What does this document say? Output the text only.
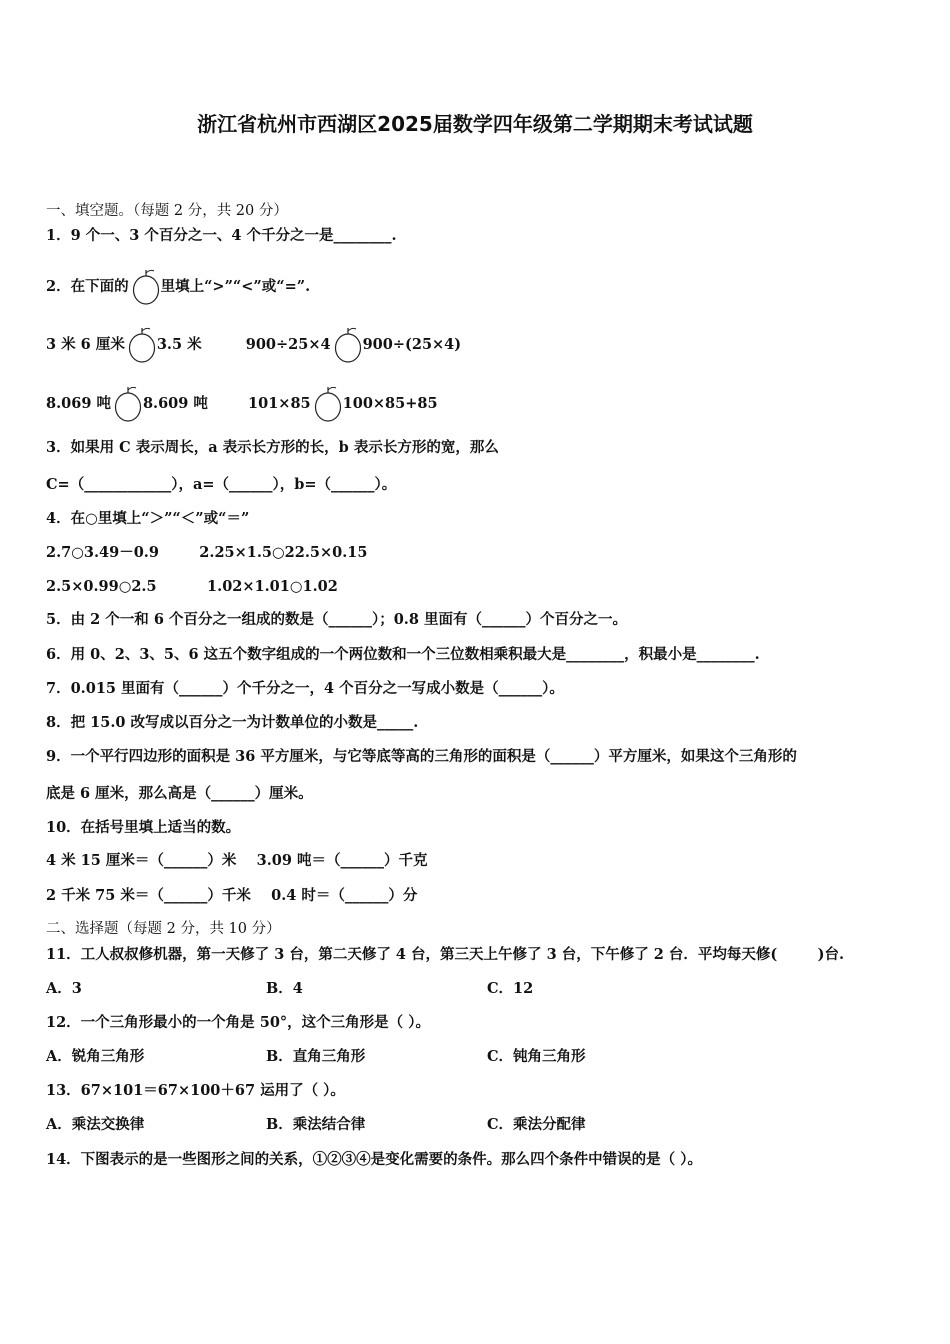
浙江省杭州市西湖区2025届数学四年级第二学期期末考试试题
一、填空题。（每题 2 分，共 20 分）
1．9 个一、3 个百分之一、4 个千分之一是________.
2．在下面的 里填上“>”“<”或“=”.
3 米 6 厘米 3.5 米	900÷25×4 900÷(25×4)
8.069 吨 8.609 吨	101×85 100×85+85
3．如果用 C 表示周长，a 表示长方形的长，b 表示长方形的宽，那么
C=（____________），a=（______），b=（______）。
4．在○里填上“＞”“＜”或“＝”
2.7○3.49－0.9        2.25×1.5○22.5×0.15
2.5×0.99○2.5          1.02×1.01○1.02
5．由 2 个一和 6 个百分之一组成的数是（______）；0.8 里面有（______）个百分之一。
6．用 0、2、3、5、6 这五个数字组成的一个两位数和一个三位数相乘积最大是________，积最小是________.
7．0.015 里面有（______）个千分之一，4 个百分之一写成小数是（______）。
8．把 15.0 改写成以百分之一为计数单位的小数是_____.
9．一个平行四边形的面积是 36 平方厘米，与它等底等高的三角形的面积是（______）平方厘米，如果这个三角形的
底是 6 厘米，那么高是（______）厘米。
10．在括号里填上适当的数。
4 米 15 厘米＝（______）米    3.09 吨＝（______）千克
2 千米 75 米＝（______）千米    0.4 时＝（______）分
二、选择题（每题 2 分，共 10 分）
11．工人叔叔修机器，第一天修了 3 台，第二天修了 4 台，第三天上午修了 3 台，下午修了 2 台．平均每天修(        )台.
A．3	B．4	C．12
12．一个三角形最小的一个角是 50°，这个三角形是（ ）。
A．锐角三角形	B．直角三角形	C．钝角三角形
13．67×101＝67×100＋67 运用了（ ）。
A．乘法交换律	B．乘法结合律	C．乘法分配律
14．下图表示的是一些图形之间的关系，①②③④是变化需要的条件。那么四个条件中错误的是（ ）。
